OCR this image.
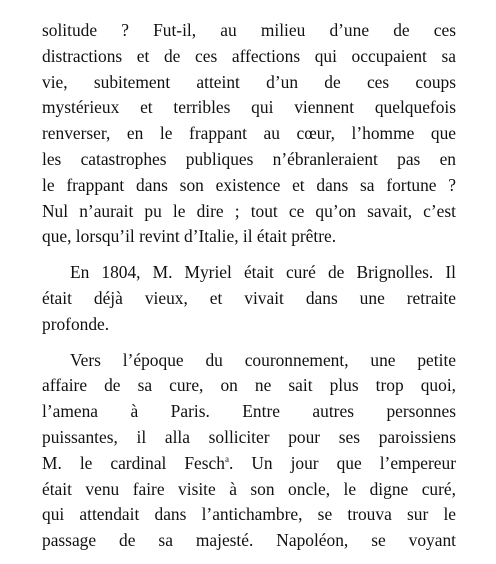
solitude ? Fut-il, au milieu d’une de ces
distractions et de ces affections qui occupaient sa
vie, subitement atteint d’un de ces coups
mystérieux et terribles qui viennent quelquefois
renverser, en le frappant au cœur, l’homme que
les catastrophes publiques n’ébranleraient pas en
le frappant dans son existence et dans sa fortune ?
Nul n’aurait pu le dire ; tout ce qu’on savait, c’est
que, lorsqu’il revint d’Italie, il était prêtre.
En 1804, M. Myriel était curé de Brignolles. Il
était déjà vieux, et vivait dans une retraite
profonde.
Vers l’époque du couronnement, une petite
affaire de sa cure, on ne sait plus trop quoi,
l’amena à Paris. Entre autres personnes
puissantes, il alla solliciter pour ses paroissiens
M. le cardinal Fesch$^a$. Un jour que l’empereur
était venu faire visite à son oncle, le digne curé,
qui attendait dans l’antichambre, se trouva sur le
passage de sa majesté. Napoléon, se voyant
